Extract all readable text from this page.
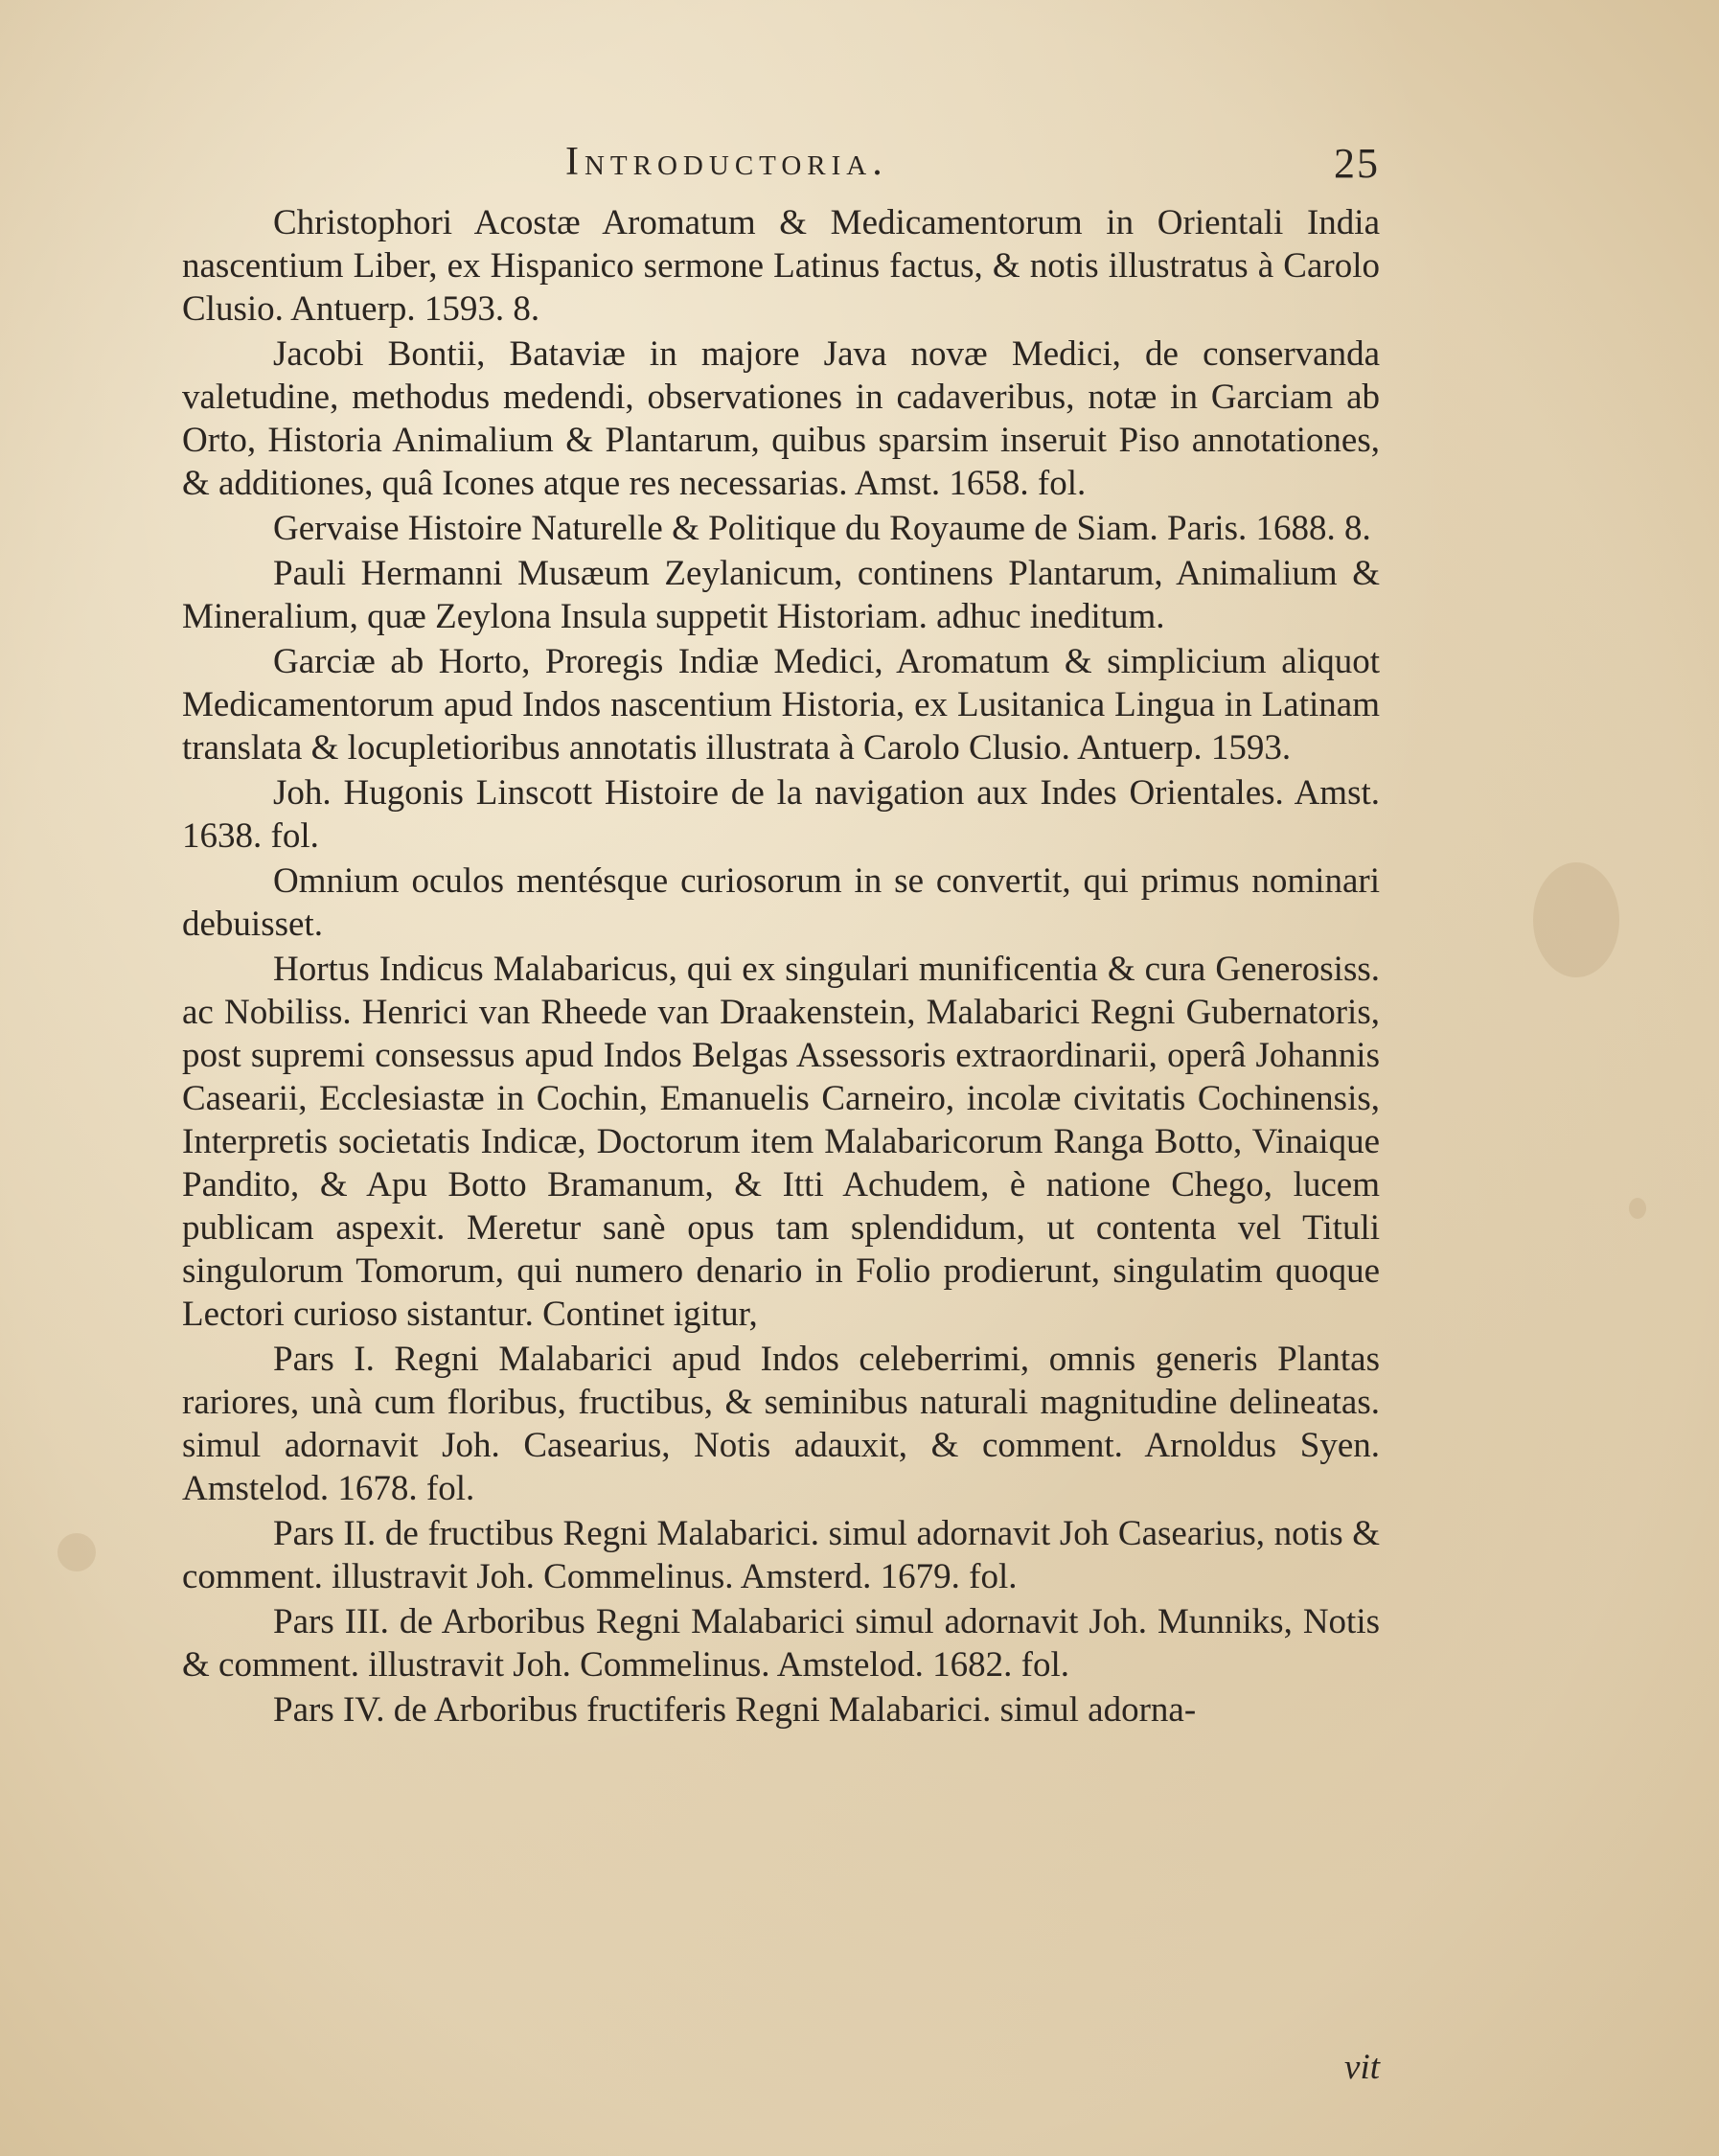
Introductoria.	25

Christophori Acostæ Aromatum & Medicamentorum in Orientali India nascentium Liber, ex Hispanico sermone Latinus factus, & notis illustratus à Carolo Clusio. Antuerp. 1593. 8.

Jacobi Bontii, Bataviæ in majore Java novæ Medici, de conservanda valetudine, methodus medendi, observationes in cadaveribus, notæ in Garciam ab Orto, Historia Animalium & Plantarum, quibus sparsim inseruit Piso annotationes, & additiones, quâ Icones atque res necessarias. Amst. 1658. fol.

Gervaise Histoire Naturelle & Politique du Royaume de Siam. Paris. 1688. 8.

Pauli Hermanni Musæum Zeylanicum, continens Plantarum, Animalium & Mineralium, quæ Zeylona Insula suppetit Historiam. adhuc ineditum.

Garciæ ab Horto, Proregis Indiæ Medici, Aromatum & simplicium aliquot Medicamentorum apud Indos nascentium Historia, ex Lusitanica Lingua in Latinam translata & locupletioribus annotatis illustrata à Carolo Clusio. Antuerp. 1593.

Joh. Hugonis Linscott Histoire de la navigation aux Indes Orientales. Amst. 1638. fol.

Omnium oculos mentésque curiosorum in se convertit, qui primus nominari debuisset.

Hortus Indicus Malabaricus, qui ex singulari munificentia & cura Generosiss. ac Nobiliss. Henrici van Rheede van Draakenstein, Malabarici Regni Gubernatoris, post supremi consessus apud Indos Belgas Assessoris extraordinarii, operâ Johannis Casearii, Ecclesiastæ in Cochin, Emanuelis Carneiro, incolæ civitatis Cochinensis, Interpretis societatis Indicæ, Doctorum item Malabaricorum Ranga Botto, Vinaique Pandito, & Apu Botto Bramanum, & Itti Achudem, è natione Chego, lucem publicam aspexit. Meretur sanè opus tam splendidum, ut contenta vel Tituli singulorum Tomorum, qui numero denario in Folio prodierunt, singulatim quoque Lectori curioso sistantur. Continet igitur,

Pars I. Regni Malabarici apud Indos celeberrimi, omnis generis Plantas rariores, unà cum floribus, fructibus, & seminibus naturali magnitudine delineatas. simul adornavit Joh. Casearius, Notis adauxit, & comment. Arnoldus Syen. Amstelod. 1678. fol.

Pars II. de fructibus Regni Malabarici. simul adornavit Joh Casearius, notis & comment. illustravit Joh. Commelinus. Amsterd. 1679. fol.

Pars III. de Arboribus Regni Malabarici simul adornavit Joh. Munniks, Notis & comment. illustravit Joh. Commelinus. Amstelod. 1682. fol.

Pars IV. de Arboribus fructiferis Regni Malabarici. simul adorna-

vit
